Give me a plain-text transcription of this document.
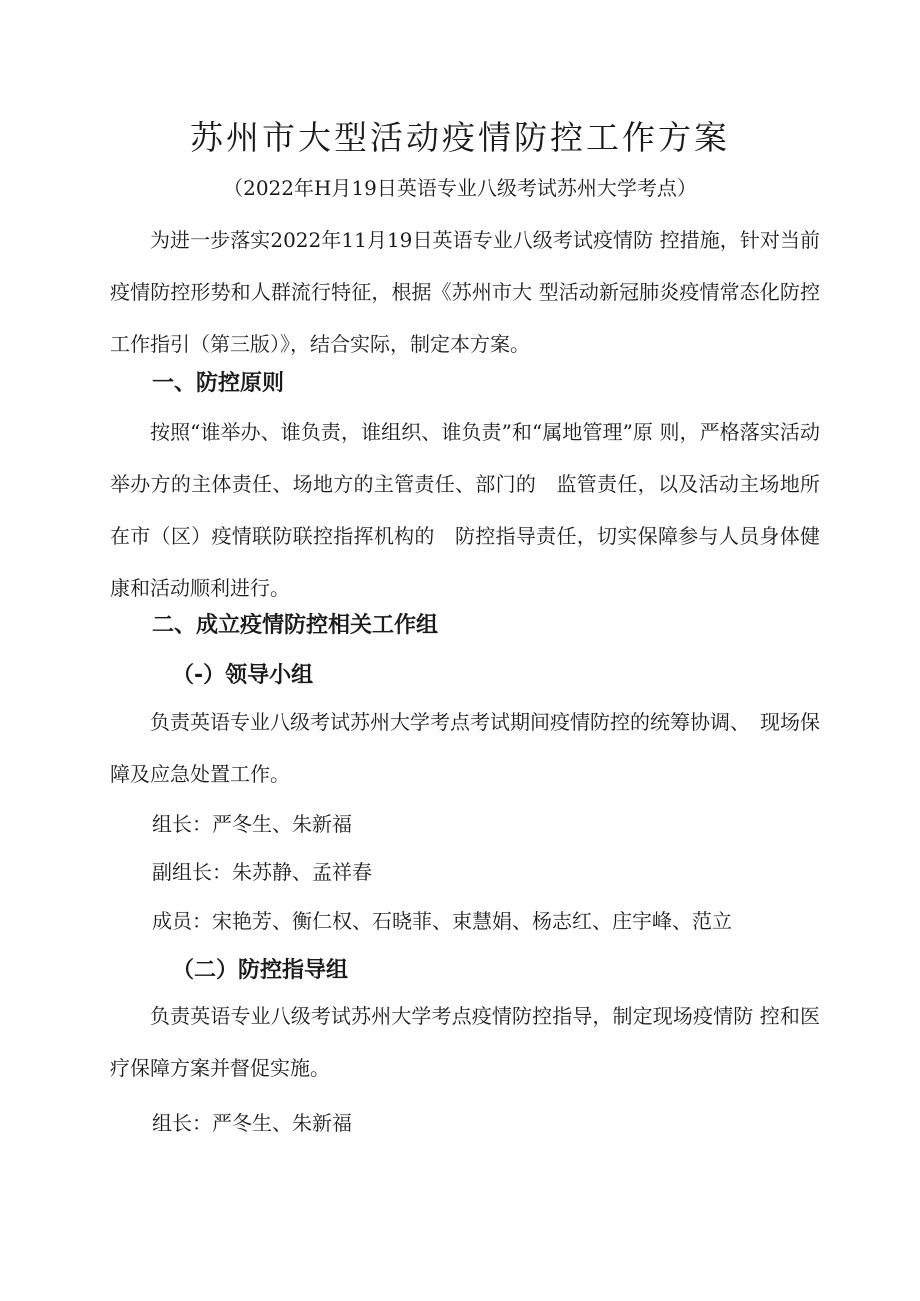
苏州市大型活动疫情防控工作方案
（2022年H月19日英语专业八级考试苏州大学考点）

为进一步落实2022年11月19日英语专业八级考试疫情防 控措施，针对当前疫情防控形势和人群流行特征，根据《苏州市大 型活动新冠肺炎疫情常态化防控工作指引（第三版）》，结合实际，制定本方案。

一、防控原则

按照“谁举办、谁负责，谁组织、谁负责”和“属地管理”原 则，严格落实活动举办方的主体责任、场地方的主管责任、部门的　监管责任，以及活动主场地所在市（区）疫情联防联控指挥机构的　防控指导责任，切实保障参与人员身体健康和活动顺利进行。

二、成立疫情防控相关工作组
（-）领导小组

负责英语专业八级考试苏州大学考点考试期间疫情防控的统筹协调、　现场保障及应急处置工作。

组长：严冬生、朱新福
副组长：朱苏静、孟祥春
成员：宋艳芳、衡仁权、石晓菲、束慧娟、杨志红、庄宇峰、范立
（二）防控指导组

负责英语专业八级考试苏州大学考点疫情防控指导，制定现场疫情防 控和医疗保障方案并督促实施。

组长：严冬生、朱新福
